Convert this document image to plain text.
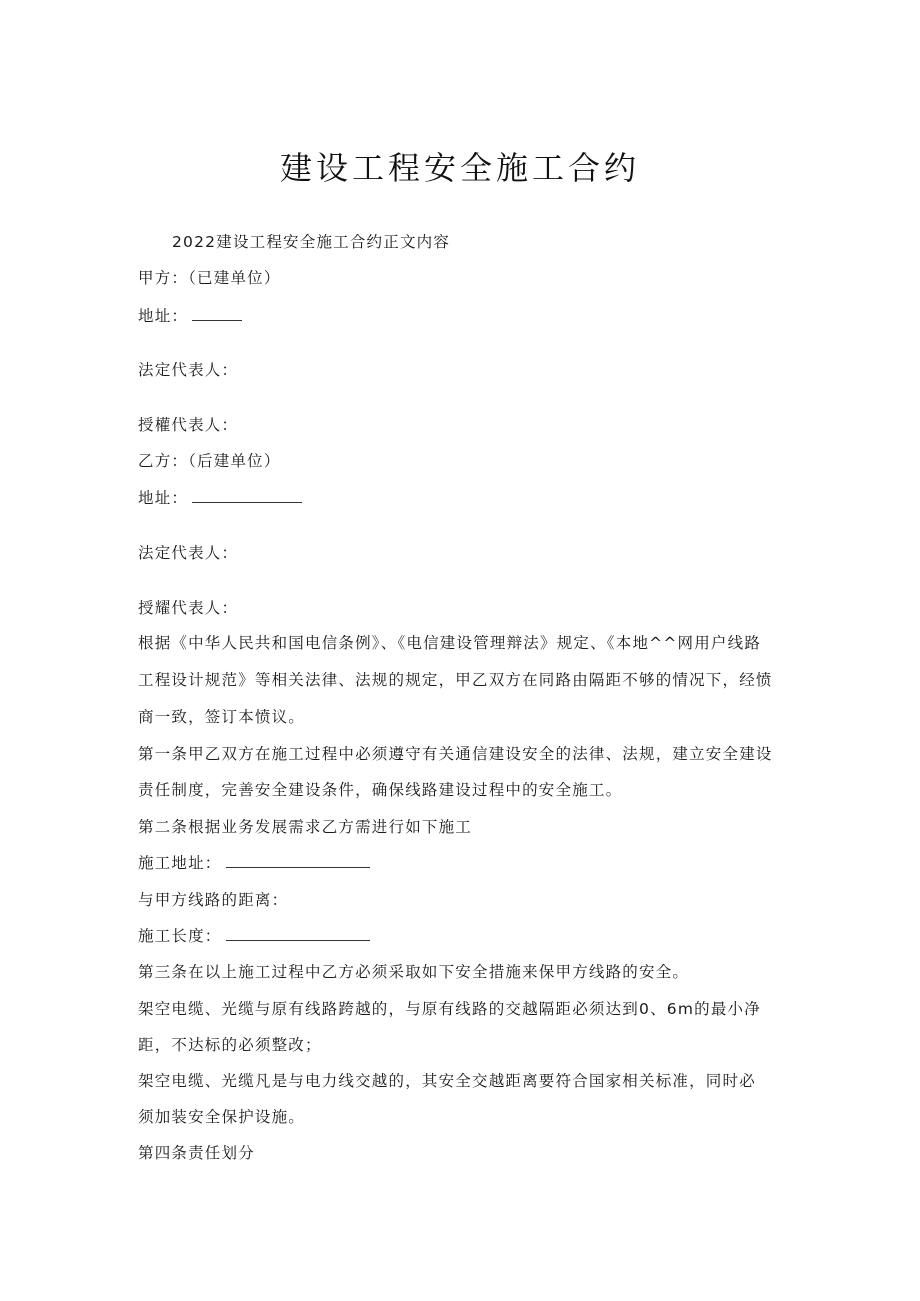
建设工程安全施工合约
2022建设工程安全施工合约正文内容
甲方：（已建单位）
地址：
法定代表人：
授權代表人：
乙方：（后建单位）
地址：
法定代表人：
授耀代表人：
根据《中华人民共和国电信条例》、《电信建设管理辩法》规定、《本地^^网用户线路
工程设计规范》等相关法律、法规的规定，甲乙双方在同路由隔距不够的情况下，经愤
商一致，签订本愤议。
第一条甲乙双方在施工过程中必须遵守有关通信建设安全的法律、法规，建立安全建设
责任制度，完善安全建设条件，确保线路建设过程中的安全施工。
第二条根据业务发展需求乙方需进行如下施工
施工地址：
与甲方线路的距离：
施工长度：
第三条在以上施工过程中乙方必须采取如下安全措施来保甲方线路的安全。
架空电缆、光缆与原有线路跨越的，与原有线路的交越隔距必须达到0、6m的最小净
距，不达标的必须整改；
架空电缆、光缆凡是与电力线交越的，其安全交越距离要符合国家相关标准，同时必
须加装安全保护设施。
第四条责任划分
